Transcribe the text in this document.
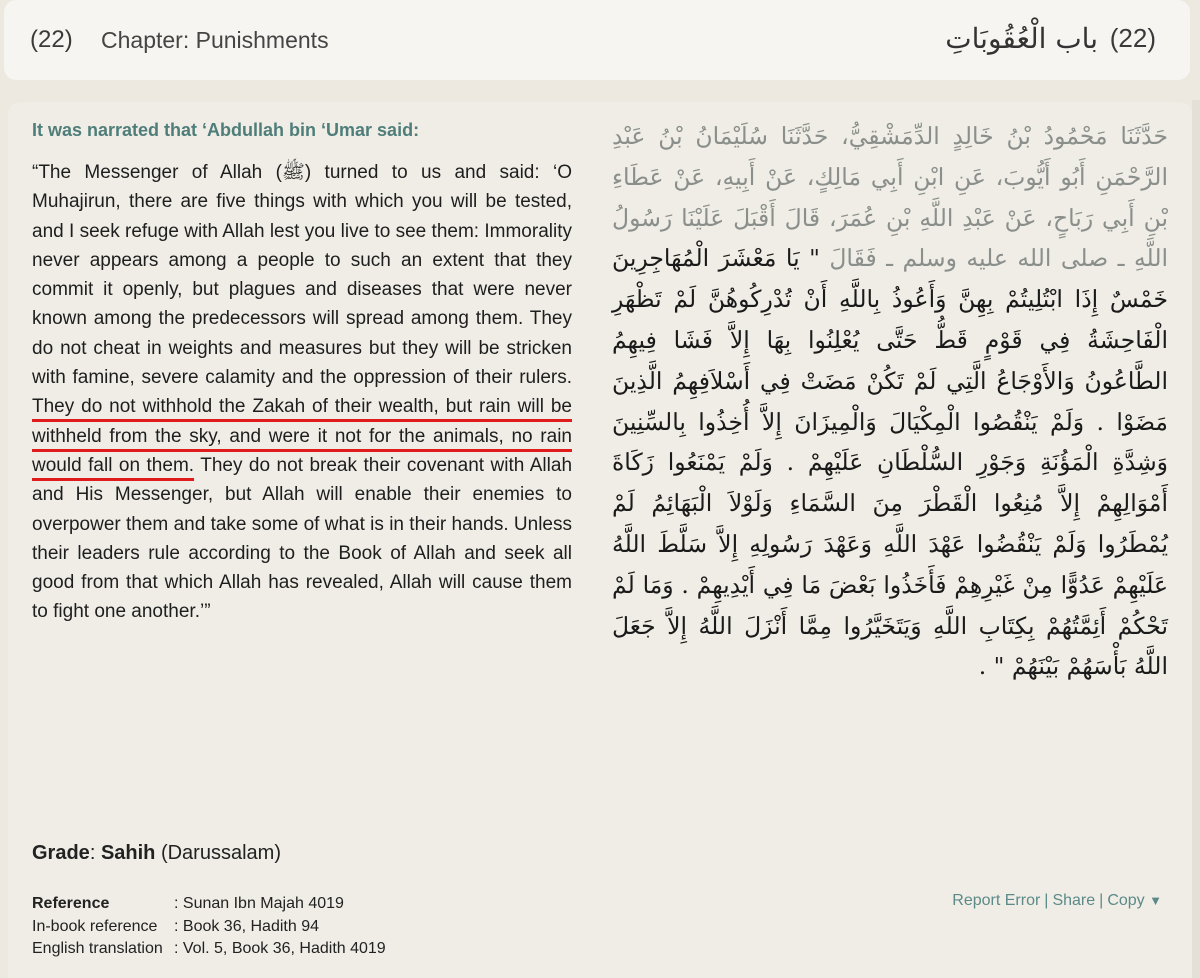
(22) Chapter: Punishments	(22)
باب الْعُقُوبَاتِ
It was narrated that ‘Abdullah bin ‘Umar said:
“The Messenger of Allah (ﷺ) turned to us and said: ‘O Muhajirun, there are five things with which you will be tested, and I seek refuge with Allah lest you live to see them: Immorality never appears among a people to such an extent that they commit it openly, but plagues and diseases that were never known among the predecessors will spread among them. They do not cheat in weights and measures but they will be stricken with famine, severe calamity and the oppression of their rulers. They do not withhold the Zakah of their wealth, but rain will be withheld from the sky, and were it not for the animals, no rain would fall on them. They do not break their covenant with Allah and His Messenger, but Allah will enable their enemies to overpower them and take some of what is in their hands. Unless their leaders rule according to the Book of Allah and seek all good from that which Allah has revealed, Allah will cause them to fight one another.’”
حَدَّثَنَا مَحْمُودُ بْنُ خَالِدٍ الدِّمَشْقِيُّ، حَدَّثَنَا سُلَيْمَانُ بْنُ عَبْدِ الرَّحْمَنِ أَبُو أَيُّوبَ، عَنِ ابْنِ أَبِي مَالِكٍ، عَنْ أَبِيهِ، عَنْ عَطَاءِ بْنِ أَبِي رَبَاحٍ، عَنْ عَبْدِ اللَّهِ بْنِ عُمَرَ، قَالَ أَقْبَلَ عَلَيْنَا رَسُولُ اللَّهِ ـ صلى الله عليه وسلم ـ فَقَالَ " يَا مَعْشَرَ الْمُهَاجِرِينَ خَمْسٌ إِذَا ابْتُلِيتُمْ بِهِنَّ وَأَعُوذُ بِاللَّهِ أَنْ تُدْرِكُوهُنَّ لَمْ تَظْهَرِ الْفَاحِشَةُ فِي قَوْمٍ قَطُّ حَتَّى يُعْلِنُوا بِهَا إِلاَّ فَشَا فِيهِمُ الطَّاعُونُ وَالأَوْجَاعُ الَّتِي لَمْ تَكُنْ مَضَتْ فِي أَسْلاَفِهِمُ الَّذِينَ مَضَوْا . وَلَمْ يَنْقُصُوا الْمِكْيَالَ وَالْمِيزَانَ إِلاَّ أُخِذُوا بِالسِّنِينَ وَشِدَّةِ الْمَؤُنَةِ وَجَوْرِ السُّلْطَانِ عَلَيْهِمْ . وَلَمْ يَمْنَعُوا زَكَاةَ أَمْوَالِهِمْ إِلاَّ مُنِعُوا الْقَطْرَ مِنَ السَّمَاءِ وَلَوْلاَ الْبَهَائِمُ لَمْ يُمْطَرُوا وَلَمْ يَنْقُضُوا عَهْدَ اللَّهِ وَعَهْدَ رَسُولِهِ إِلاَّ سَلَّطَ اللَّهُ عَلَيْهِمْ عَدُوًّا مِنْ غَيْرِهِمْ فَأَخَذُوا بَعْضَ مَا فِي أَيْدِيهِمْ . وَمَا لَمْ تَحْكُمْ أَئِمَّتُهُمْ بِكِتَابِ اللَّهِ وَيَتَخَيَّرُوا مِمَّا أَنْزَلَ اللَّهُ إِلاَّ جَعَلَ اللَّهُ بَأْسَهُمْ بَيْنَهُمْ " .
Grade: Sahih (Darussalam)
Reference	: Sunan Ibn Majah 4019
In-book reference	: Book 36, Hadith 94
English translation : Vol. 5, Book 36, Hadith 4019
Report Error | Share | Copy ▼
